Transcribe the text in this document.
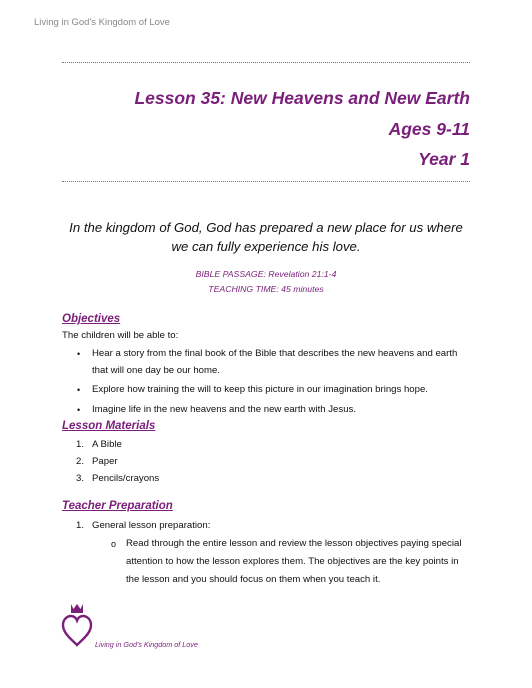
Living in God's Kingdom of Love
Lesson 35: New Heavens and New Earth
Ages 9-11
Year 1
In the kingdom of God, God has prepared a new place for us where we can fully experience his love.
BIBLE PASSAGE: Revelation 21:1-4
TEACHING TIME: 45 minutes
Objectives
The children will be able to:
• Hear a story from the final book of the Bible that describes the new heavens and earth that will one day be our home.
• Explore how training the will to keep this picture in our imagination brings hope.
• Imagine life in the new heavens and the new earth with Jesus.
Lesson Materials
1. A Bible
2. Paper
3. Pencils/crayons
Teacher Preparation
1. General lesson preparation:
o Read through the entire lesson and review the lesson objectives paying special attention to how the lesson explores them. The objectives are the key points in the lesson and you should focus on them when you teach it.
Living in God's Kingdom of Love
